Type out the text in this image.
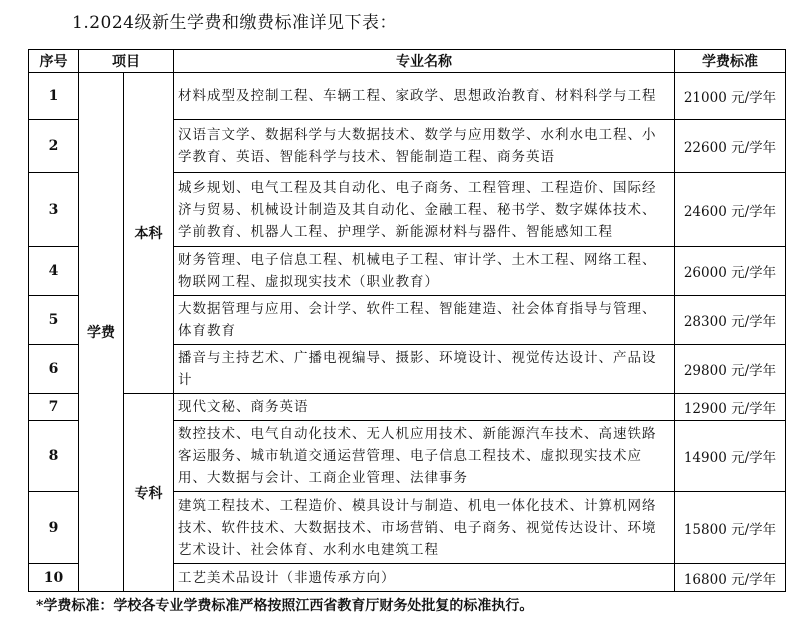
1.2024级新生学费和缴费标准详见下表：
序号	项目		专业名称	学费标准
1	学费	本科	材料成型及控制工程、车辆工程、家政学、思想政治教育、材料科学与工程	21000 元/学年
2			汉语言文学、数据科学与大数据技术、数学与应用数学、水利水电工程、小学教育、英语、智能科学与技术、智能制造工程、商务英语	22600 元/学年
3			城乡规划、电气工程及其自动化、电子商务、工程管理、工程造价、国际经济与贸易、机械设计制造及其自动化、金融工程、秘书学、数字媒体技术、学前教育、机器人工程、护理学、新能源材料与器件、智能感知工程	24600 元/学年
4			财务管理、电子信息工程、机械电子工程、审计学、土木工程、网络工程、物联网工程、虚拟现实技术（职业教育）	26000 元/学年
5			大数据管理与应用、会计学、软件工程、智能建造、社会体育指导与管理、体育教育	28300 元/学年
6			播音与主持艺术、广播电视编导、摄影、环境设计、视觉传达设计、产品设计	29800 元/学年
7		专科	现代文秘、商务英语	12900 元/学年
8			数控技术、电气自动化技术、无人机应用技术、新能源汽车技术、高速铁路客运服务、城市轨道交通运营管理、电子信息工程技术、虚拟现实技术应用、大数据与会计、工商企业管理、法律事务	14900 元/学年
9			建筑工程技术、工程造价、模具设计与制造、机电一体化技术、计算机网络技术、软件技术、大数据技术、市场营销、电子商务、视觉传达设计、环境艺术设计、社会体育、水利水电建筑工程	15800 元/学年
10			工艺美术品设计（非遗传承方向）	16800 元/学年
*学费标准：学校各专业学费标准严格按照江西省教育厅财务处批复的标准执行。
